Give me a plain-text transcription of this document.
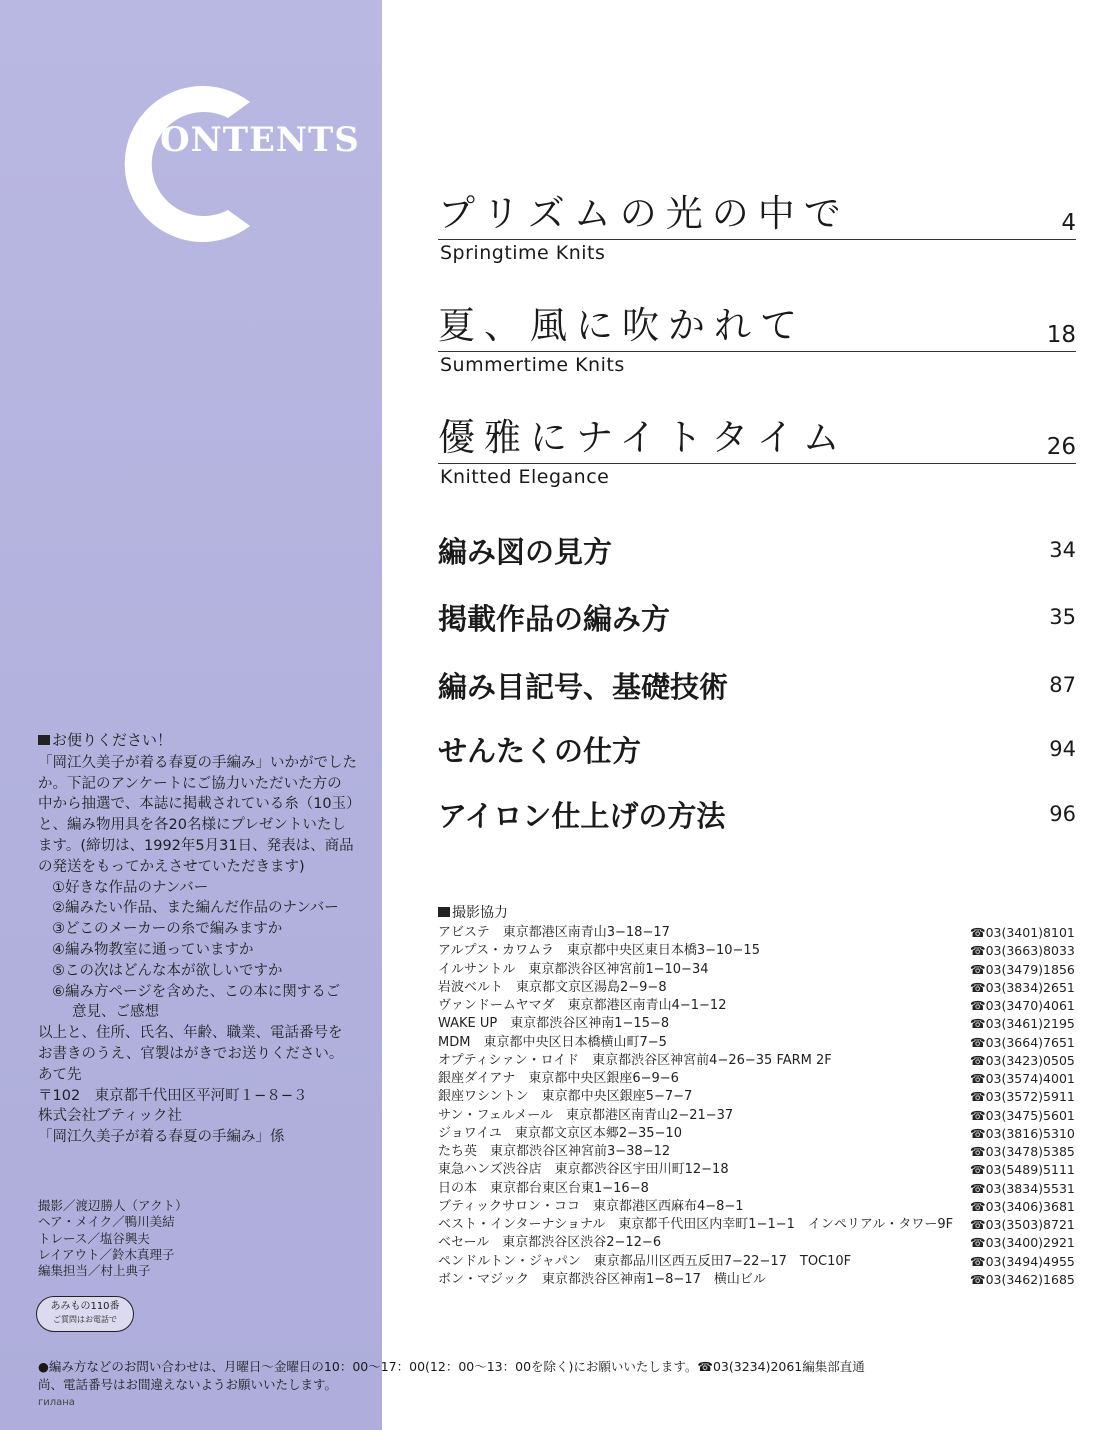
ONTENTS
お便りください！
「岡江久美子が着る春夏の手編み」いかがでした
か。下記のアンケートにご協力いただいた方の
中から抽選で、本誌に掲載されている糸（10玉）
と、編み物用具を各20名様にプレゼントいたし
ます。(締切は、1992年5月31日、発表は、商品
の発送をもってかえさせていただきます)
①好きな作品のナンバー
②編みたい作品、また編んだ作品のナンバー
③どこのメーカーの糸で編みますか
④編み物教室に通っていますか
⑤この次はどんな本が欲しいですか
⑥編み方ページを含めた、この本に関するご
意見、ご感想
以上と、住所、氏名、年齢、職業、電話番号を
お書きのうえ、官製はがきでお送りください。
あて先
〒102　東京都千代田区平河町１−８−３
株式会社ブティック社
「岡江久美子が着る春夏の手編み」係
撮影／渡辺勝人（アクト）
ヘア・メイク／鴨川美結
トレース／塩谷興夫
レイアウト／鈴木真理子
編集担当／村上典子
あみもの110番
ご質問はお電話で
プリズムの光の中で
Springtime Knits
4
夏、風に吹かれて
Summertime Knits
18
優雅にナイトタイム
Knitted Elegance
26
編み図の見方	34
掲載作品の編み方	35
編み目記号、基礎技術	87
せんたくの仕方	94
アイロン仕上げの方法	96
撮影協力
アビステ　東京都港区南青山3−18−17	☎03(3401)8101
アルプス・カワムラ　東京都中央区東日本橋3−10−15	☎03(3663)8033
イルサントル　東京都渋谷区神宮前1−10−34	☎03(3479)1856
岩波ベルト　東京都文京区湯島2−9−8	☎03(3834)2651
ヴァンドームヤマダ　東京都港区南青山4−1−12	☎03(3470)4061
WAKE UP　東京都渋谷区神南1−15−8	☎03(3461)2195
MDM　東京都中央区日本橋横山町7−5	☎03(3664)7651
オプティシァン・ロイド　東京都渋谷区神宮前4−26−35 FARM 2F	☎03(3423)0505
銀座ダイアナ　東京都中央区銀座6−9−6	☎03(3574)4001
銀座ワシントン　東京都中央区銀座5−7−7	☎03(3572)5911
サン・フェルメール　東京都港区南青山2−21−37	☎03(3475)5601
ジョワイユ　東京都文京区本郷2−35−10	☎03(3816)5310
たち英　東京都渋谷区神宮前3−38−12	☎03(3478)5385
東急ハンズ渋谷店　東京都渋谷区宇田川町12−18	☎03(5489)5111
日の本　東京都台東区台東1−16−8	☎03(3834)5531
ブティックサロン・ココ　東京都港区西麻布4−8−1	☎03(3406)3681
ベスト・インターナショナル　東京都千代田区内幸町1−1−1　インペリアル・タワー9F ☎03(3503)8721
ベセール　東京都渋谷区渋谷2−12−6	☎03(3400)2921
ペンドルトン・ジャパン　東京都品川区西五反田7−22−17　TOC10F	☎03(3494)4955
ボン・マジック　東京都渋谷区神南1−8−17　横山ビル	☎03(3462)1685
●編み方などのお問い合わせは、月曜日〜金曜日の10：00〜17：00(12：00〜13：00を除く)にお願いいたします。☎03(3234)2061編集部直通
尚、電話番号はお間違えないようお願いいたします。
гилана
